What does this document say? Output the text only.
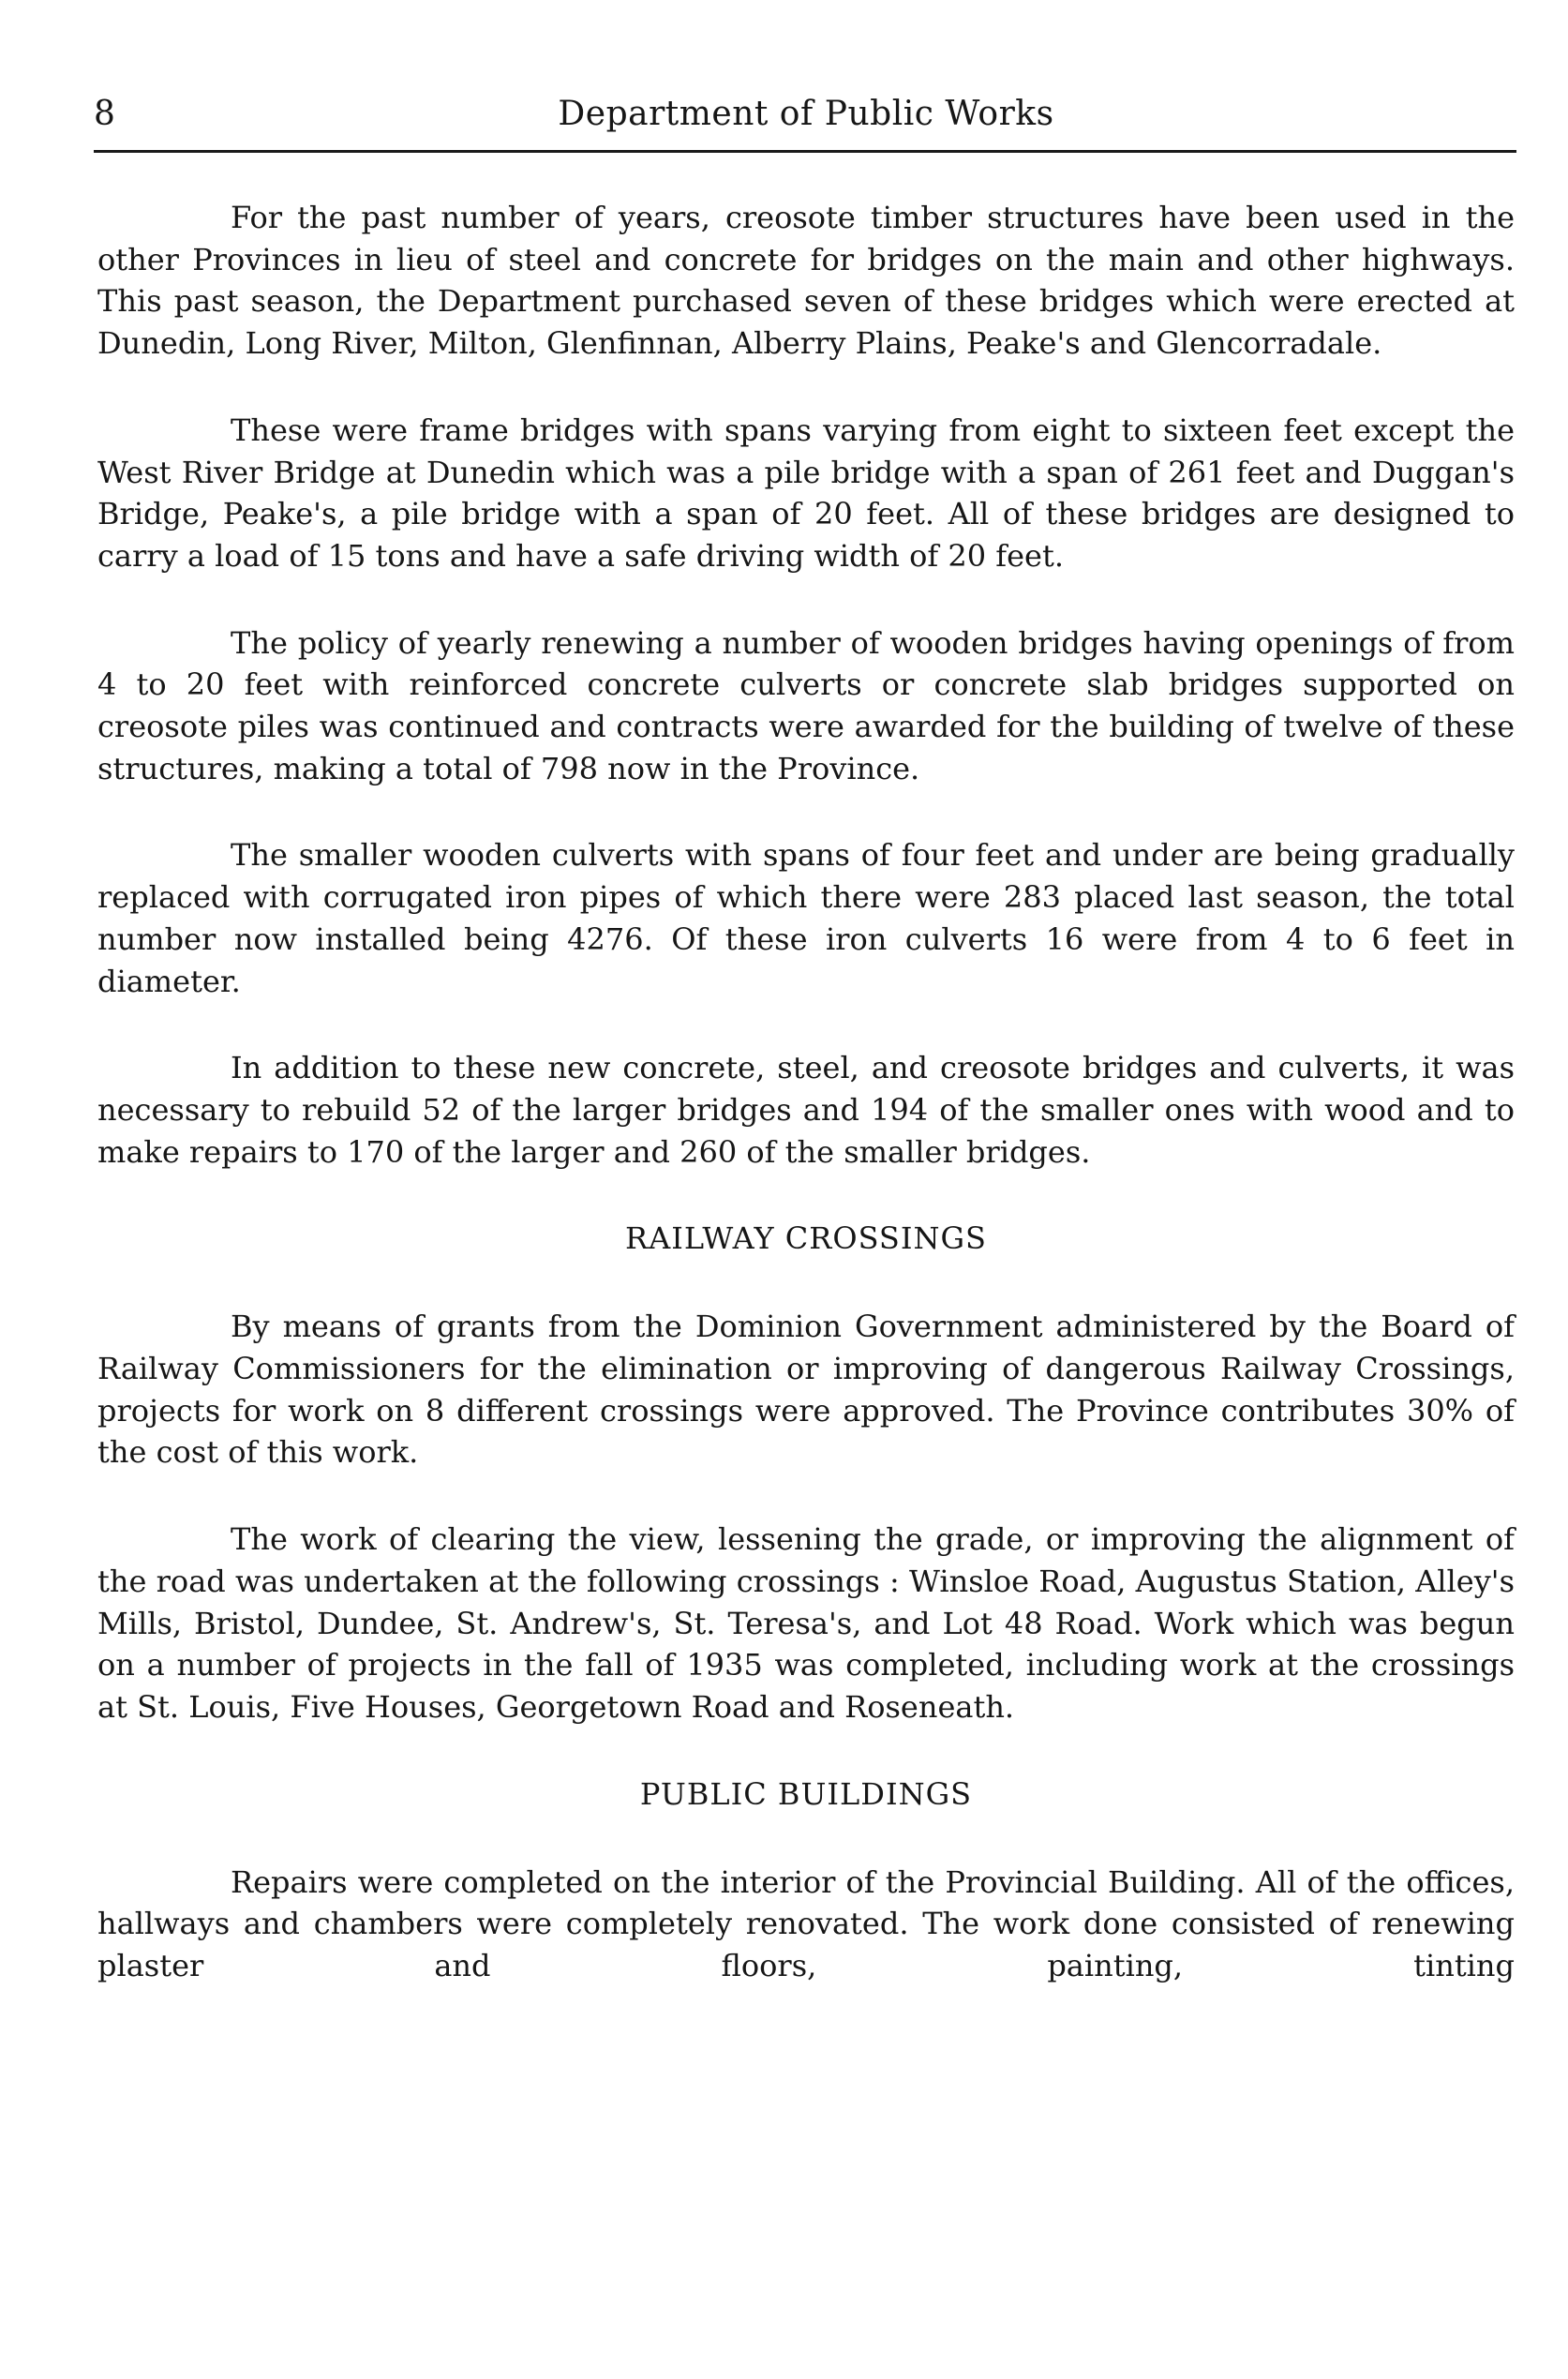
8	Department of Public Works

For the past number of years, creosote timber structures have been used in the other Provinces in lieu of steel and concrete for bridges on the main and other highways. This past season, the Department purchased seven of these bridges which were erected at Dunedin, Long River, Milton, Glenfinnan, Alberry Plains, Peake's and Glencorradale.

These were frame bridges with spans varying from eight to sixteen feet except the West River Bridge at Dunedin which was a pile bridge with a span of 261 feet and Duggan's Bridge, Peake's, a pile bridge with a span of 20 feet. All of these bridges are designed to carry a load of 15 tons and have a safe driving width of 20 feet.

The policy of yearly renewing a number of wooden bridges having openings of from 4 to 20 feet with reinforced concrete culverts or concrete slab bridges supported on creosote piles was continued and contracts were awarded for the building of twelve of these structures, making a total of 798 now in the Province.

The smaller wooden culverts with spans of four feet and under are being gradually replaced with corrugated iron pipes of which there were 283 placed last season, the total number now installed being 4276. Of these iron culverts 16 were from 4 to 6 feet in diameter.

In addition to these new concrete, steel, and creosote bridges and culverts, it was necessary to rebuild 52 of the larger bridges and 194 of the smaller ones with wood and to make repairs to 170 of the larger and 260 of the smaller bridges.

RAILWAY CROSSINGS

By means of grants from the Dominion Government administered by the Board of Railway Commissioners for the elimination or improving of dangerous Railway Crossings, projects for work on 8 different crossings were approved. The Province contributes 30% of the cost of this work.

The work of clearing the view, lessening the grade, or improving the alignment of the road was undertaken at the following crossings : Winsloe Road, Augustus Station, Alley's Mills, Bristol, Dundee, St. Andrew's, St. Teresa's, and Lot 48 Road. Work which was begun on a number of projects in the fall of 1935 was completed, including work at the crossings at St. Louis, Five Houses, Georgetown Road and Roseneath.

PUBLIC BUILDINGS

Repairs were completed on the interior of the Provincial Building. All of the offices, hallways and chambers were completely renovated. The work done consisted of renewing plaster and floors, painting, tinting
